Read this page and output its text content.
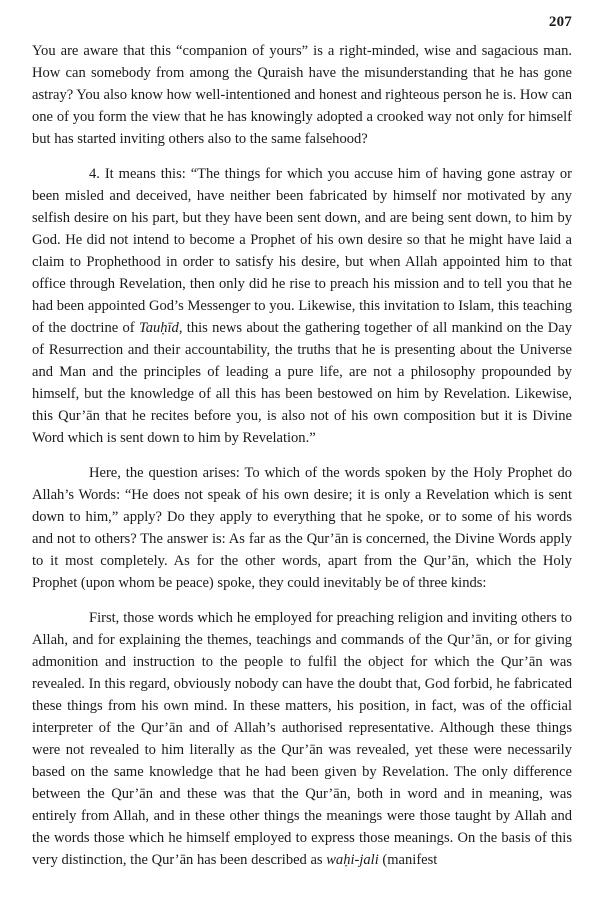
207

You are aware that this “companion of yours” is a right-minded, wise and sagacious man. How can somebody from among the Quraish have the misunderstanding that he has gone astray? You also know how well-intentioned and honest and righteous person he is. How can one of you form the view that he has knowingly adopted a crooked way not only for himself but has started inviting others also to the same falsehood?

4. It means this: “The things for which you accuse him of having gone astray or been misled and deceived, have neither been fabricated by himself nor motivated by any selfish desire on his part, but they have been sent down, and are being sent down, to him by God. He did not intend to become a Prophet of his own desire so that he might have laid a claim to Prophethood in order to satisfy his desire, but when Allah appointed him to that office through Revelation, then only did he rise to preach his mission and to tell you that he had been appointed God’s Messenger to you. Likewise, this invitation to Islam, this teaching of the doctrine of Tauḥīd, this news about the gathering together of all mankind on the Day of Resurrection and their accountability, the truths that he is presenting about the Universe and Man and the principles of leading a pure life, are not a philosophy propounded by himself, but the knowledge of all this has been bestowed on him by Revelation. Likewise, this Qur’ān that he recites before you, is also not of his own composition but it is Divine Word which is sent down to him by Revelation.”

Here, the question arises: To which of the words spoken by the Holy Prophet do Allah’s Words: “He does not speak of his own desire; it is only a Revelation which is sent down to him,” apply? Do they apply to everything that he spoke, or to some of his words and not to others? The answer is: As far as the Qur’ān is concerned, the Divine Words apply to it most completely. As for the other words, apart from the Qur’ān, which the Holy Prophet (upon whom be peace) spoke, they could inevitably be of three kinds:

First, those words which he employed for preaching religion and inviting others to Allah, and for explaining the themes, teachings and commands of the Qur’ān, or for giving admonition and instruction to the people to fulfil the object for which the Qur’ān was revealed. In this regard, obviously nobody can have the doubt that, God forbid, he fabricated these things from his own mind. In these matters, his position, in fact, was of the official interpreter of the Qur’ān and of Allah’s authorised representative. Although these things were not revealed to him literally as the Qur’ān was revealed, yet these were necessarily based on the same knowledge that he had been given by Revelation. The only difference between the Qur’ān and these was that the Qur’ān, both in word and in meaning, was entirely from Allah, and in these other things the meanings were those taught by Allah and the words those which he himself employed to express those meanings. On the basis of this very distinction, the Qur’ān has been described as waḥi-jali (manifest
